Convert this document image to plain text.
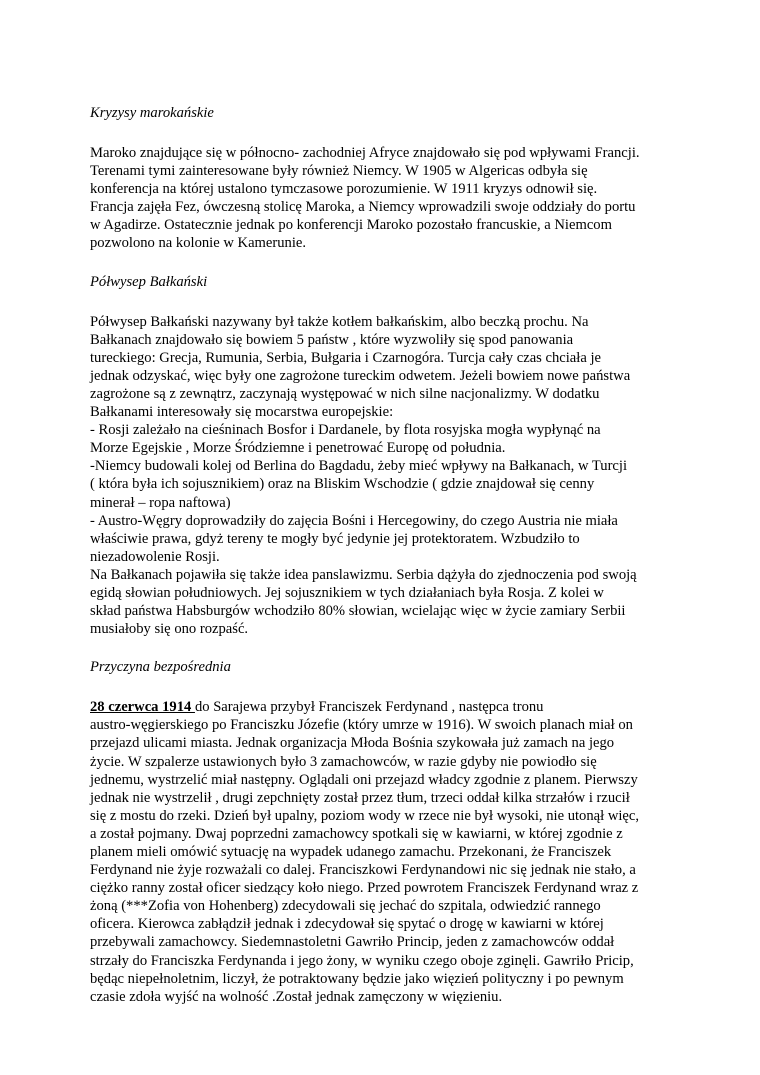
Kryzysy marokańskie
Maroko znajdujące się w północno- zachodniej Afryce znajdowało się pod wpływami Francji.
Terenami tymi zainteresowane były również Niemcy. W 1905 w Algericas odbyła się
konferencja na której ustalono tymczasowe porozumienie. W 1911 kryzys odnowił się.
Francja zajęła Fez, ówczesną stolicę Maroka, a Niemcy wprowadzili swoje oddziały do portu
w Agadirze. Ostatecznie jednak po konferencji Maroko pozostało francuskie, a Niemcom
pozwolono na kolonie w Kamerunie.
Półwysep Bałkański
Półwysep Bałkański nazywany był także kotłem bałkańskim, albo beczką prochu. Na
Bałkanach znajdowało się bowiem 5 państw , które wyzwoliły się spod panowania
tureckiego: Grecja, Rumunia, Serbia, Bułgaria i Czarnogóra. Turcja cały czas chciała je
jednak odzyskać, więc były one zagrożone tureckim odwetem. Jeżeli bowiem nowe państwa
zagrożone są z zewnątrz, zaczynają występować w nich silne nacjonalizmy. W dodatku
Bałkanami interesowały się mocarstwa europejskie:
- Rosji zależało na cieśninach Bosfor i Dardanele, by flota rosyjska mogła wypłynąć na
Morze Egejskie , Morze Śródziemne i penetrować Europę od południa.
-Niemcy budowali kolej od Berlina do Bagdadu, żeby mieć wpływy na Bałkanach, w Turcji
( która była ich sojusznikiem) oraz na Bliskim Wschodzie ( gdzie znajdował się cenny
minerał – ropa naftowa)
- Austro-Węgry doprowadziły do zajęcia Bośni i Hercegowiny, do czego Austria nie miała
właściwie prawa, gdyż tereny te mogły być jedynie jej protektoratem. Wzbudziło to
niezadowolenie Rosji.
Na Bałkanach pojawiła się także idea panslawizmu. Serbia dążyła do zjednoczenia pod swoją
egidą słowian południowych. Jej sojusznikiem w tych działaniach była Rosja. Z kolei w
skład państwa Habsburgów wchodziło 80% słowian, wcielając więc w życie zamiary Serbii
musiałoby się ono rozpaść.
Przyczyna bezpośrednia
28 czerwca 1914 do Sarajewa przybył Franciszek Ferdynand , następca tronu
austro-węgierskiego po Franciszku Józefie (który umrze w 1916). W swoich planach miał on
przejazd ulicami miasta. Jednak organizacja Młoda Bośnia szykowała już zamach na jego
życie. W szpalerze ustawionych było 3 zamachowców, w razie gdyby nie powiodło się
jednemu, wystrzelić miał następny. Oglądali oni przejazd władcy zgodnie z planem. Pierwszy
jednak nie wystrzelił , drugi zepchnięty został przez tłum, trzeci oddał kilka strzałów i rzucił
się z mostu do rzeki. Dzień był upalny, poziom wody w rzece nie był wysoki, nie utonął więc,
a został pojmany. Dwaj poprzedni zamachowcy spotkali się w kawiarni, w której zgodnie z
planem mieli omówić sytuację na wypadek udanego zamachu. Przekonani, że Franciszek
Ferdynand nie żyje rozważali co dalej. Franciszkowi Ferdynandowi nic się jednak nie stało, a
ciężko ranny został oficer siedzący koło niego. Przed powrotem Franciszek Ferdynand wraz z
żoną (***Zofia von Hohenberg) zdecydowali się jechać do szpitala, odwiedzić rannego
oficera. Kierowca zabłądził jednak i zdecydował się spytać o drogę w kawiarni w której
przebywali zamachowcy. Siedemnastoletni Gawriło Princip, jeden z zamachowców oddał
strzały do Franciszka Ferdynanda i jego żony, w wyniku czego oboje zginęli. Gawriło Pricip,
będąc niepełnoletnim, liczył, że potraktowany będzie jako więzień polityczny i po pewnym
czasie zdoła wyjść na wolność .Został jednak zamęczony w więzieniu.
